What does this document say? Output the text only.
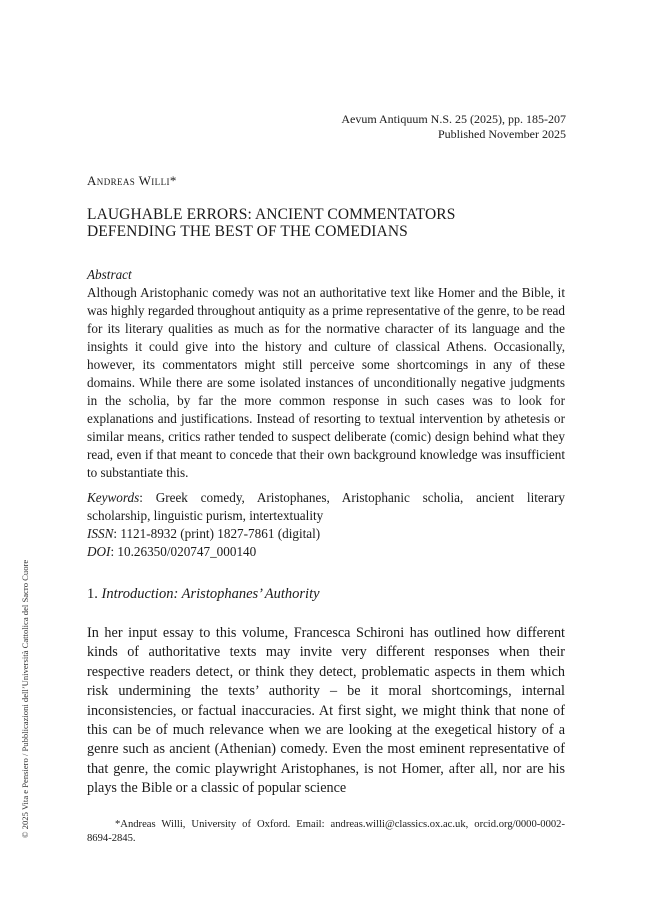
© 2025 Vita e Pensiero / Pubblicazioni dell’Università Cattolica del Sacro Cuore
Aevum Antiquum N.S. 25 (2025), pp. 185-207
Published November 2025
Andreas Willi*
LAUGHABLE ERRORS: ANCIENT COMMENTATORS
DEFENDING THE BEST OF THE COMEDIANS
Abstract
Although Aristophanic comedy was not an authoritative text like Homer and the Bible, it was highly regarded throughout antiquity as a prime representative of the genre, to be read for its literary qualities as much as for the normative character of its language and the insights it could give into the history and culture of classical Athens. Occasionally, however, its commentators might still perceive some shortcomings in any of these domains. While there are some isolated instances of unconditionally negative judgments in the scholia, by far the more common response in such cases was to look for explanations and justifications. Instead of resorting to textual intervention by athetesis or similar means, critics rather tended to suspect deliberate (comic) design behind what they read, even if that meant to concede that their own background knowledge was insufficient to substantiate this.
Keywords: Greek comedy, Aristophanes, Aristophanic scholia, ancient literary scholarship, linguistic purism, intertextuality
ISSN: 1121-8932 (print) 1827-7861 (digital)
DOI: 10.26350/020747_000140
1. Introduction: Aristophanes’ Authority
In her input essay to this volume, Francesca Schironi has outlined how different kinds of authoritative texts may invite very different responses when their respective readers detect, or think they detect, problematic aspects in them which risk undermining the texts’ authority – be it moral shortcomings, internal inconsistencies, or factual inaccuracies. At first sight, we might think that none of this can be of much relevance when we are looking at the exegetical history of a genre such as ancient (Athenian) comedy. Even the most eminent representative of that genre, the comic playwright Aristophanes, is not Homer, after all, nor are his plays the Bible or a classic of popular science
*Andreas Willi, University of Oxford. Email: andreas.willi@classics.ox.ac.uk, orcid.org/0000-0002-8694-2845.
